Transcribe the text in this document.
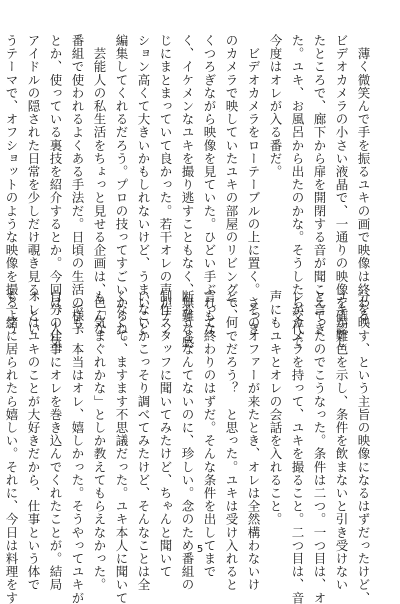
　薄く微笑んで手を振るユキの画で映像は終わる。
ビデオカメラの小さい液晶で、一通りの映像を確認し
たところで、廊下から扉を開閉する音が聞こえてき
た。ユキ、お風呂から出たのかな。そうしたら交代で
今度はオレが入る番だ。
　ビデオカメラをローテーブルの上に置く。さっき
のカメラで映していたユキの部屋のリビングで、
くつろぎながら映像を見ていた。ひどい手ぶれもな
く、イケメンなユキを撮り逃すこともなく、無難な感
じにまとまっていて良かった。若干オレの声がテン
ション高くて大きいかもしれないけど、うまいこと
編集してくれるだろう。プロの技ってすごいからね。
　芸能人の私生活をちょっと見せる企画は、色んな
番組で使われるよくある手法だ。日頃の生活の様子
とか、使っている裏技を紹介するとか。今回は、人気
アイドルの隠された日常を少しだけ覗き見る、とい
うテーマで、オフショットのような映像を撮るよう

分を映す、という主旨の映像になるはずだったけど、
ユキが難色を示し、条件を飲まないと引き受けない
と言ったのでこうなった。条件は二つ。一つ目は、オ
レがカメラを持って、ユキを撮ること。二つ目は、音
声にもユキとオレの会話を入れること。
　そのオファーが来たとき、オレは全然構わないけ
ど、何でだろう？　と思った。ユキは受け入れると
言って終わりのはずだ。そんな条件を出してまで
断ろうとなんてないのに、珍しい。念のため番組の
制作スタッフに聞いてみたけど、ちゃんと聞いて
いないかこっそり調べてみたけど、そんなことは全
くなくて、ますます不思議だった。ユキ本人に聞いて
も「気まぐれかな」としか教えてもらえなかった。
　でも、本当はオレ、嬉しかった。そうやってユキが
自分の仕事にオレを巻き込んでくれたことが。結局
オレはユキのことが大好きだから、仕事という体で
も一緒に居られたら嬉しい。それに、今日は料理をす	5
